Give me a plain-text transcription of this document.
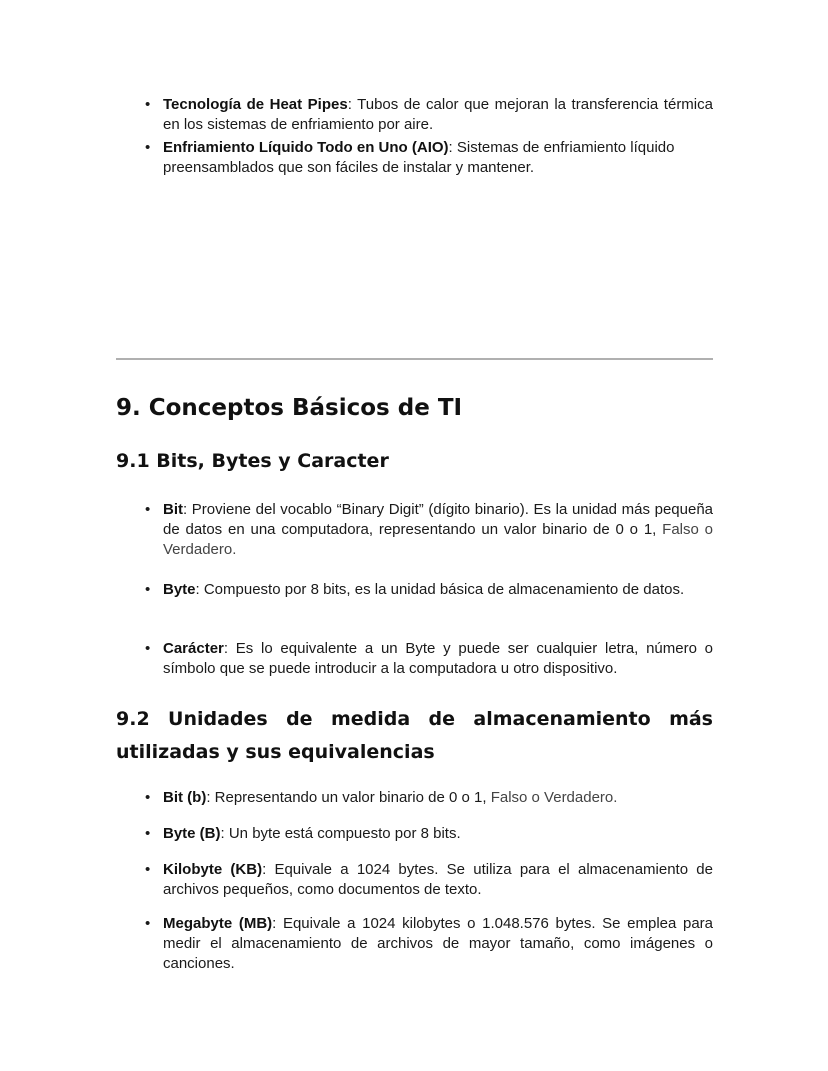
• Tecnología de Heat Pipes: Tubos de calor que mejoran la transferencia térmica en los sistemas de enfriamiento por aire.
• Enfriamiento Líquido Todo en Uno (AIO): Sistemas de enfriamiento líquido preensamblados que son fáciles de instalar y mantener.
9. Conceptos Básicos de TI
9.1 Bits, Bytes y Caracter
• Bit: Proviene del vocablo “Binary Digit” (dígito binario). Es la unidad más pequeña de datos en una computadora, representando un valor binario de 0 o 1, Falso o Verdadero.
• Byte: Compuesto por 8 bits, es la unidad básica de almacenamiento de datos.
• Carácter: Es lo equivalente a un Byte y puede ser cualquier letra, número o símbolo que se puede introducir a la computadora u otro dispositivo.
9.2 Unidades de medida de almacenamiento más utilizadas y sus equivalencias
• Bit (b): Representando un valor binario de 0 o 1, Falso o Verdadero.
• Byte (B): Un byte está compuesto por 8 bits.
• Kilobyte (KB): Equivale a 1024 bytes. Se utiliza para el almacenamiento de archivos pequeños, como documentos de texto.
• Megabyte (MB): Equivale a 1024 kilobytes o 1.048.576 bytes. Se emplea para medir el almacenamiento de archivos de mayor tamaño, como imágenes o canciones.
